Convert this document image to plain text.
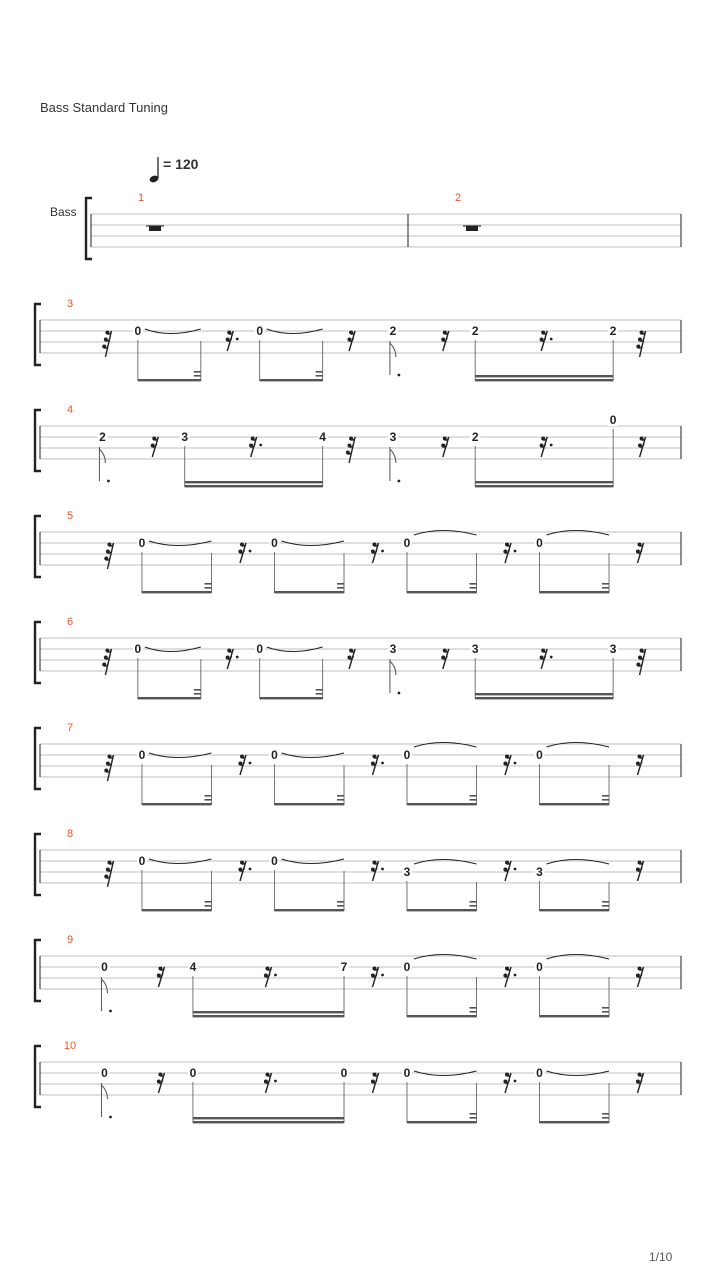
Bass Standard Tuning
= 120
Bass
1/10
1	2
3
0	0	2	2	2
4
2	3	4	3	2
0
5
0	0	0	0
6
0	0	3	3	3
7
0	0	0	0
8
0	0
3	3
9
0	4	7	0	0
10
0	0	0	0	0
